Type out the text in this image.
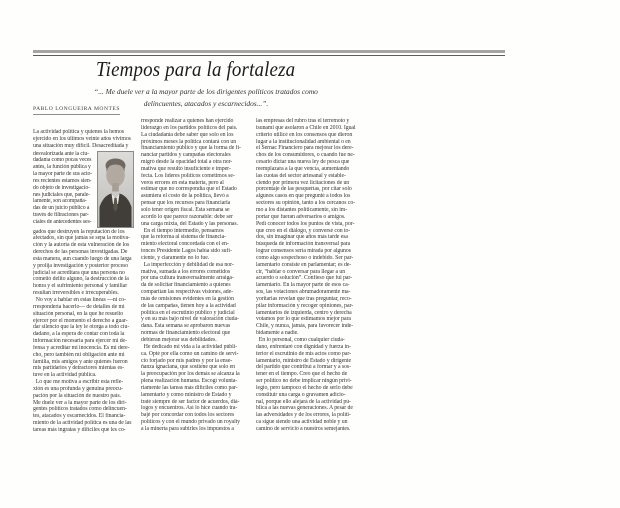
Tiempos para la fortaleza
“... Me duele ver a la mayor parte de los dirigentes políticos tratados como
delincuentes, atacados y escarnecidos...”.
PABLO LONGUEIRA MONTES
La actividad política y quienes la hemos
ejercido en los últimos veinte años vivimos
una situación muy difícil. Desacreditada y
desvalorizada ante la ciu-
dadanía como pocas veces
antes, la función pública y
la mayor parte de sus acto-
res recientes estamos sien-
do objeto de investigacio-
nes judiciales que, parale-
lamente, son acompaña-
das de un juicio público a
través de filtraciones par-
ciales de antecedentes ses-
gados que destruyen la reputación de los
afectados, sin que jamás se sepa la motiva-
ción y la autoría de esta vulneración de los
derechos de las personas investigadas. De
esta manera, aun cuando luego de una larga
y prolija investigación y posterior proceso
judicial se acreditara que una persona no
cometió delito alguno, la destrucción de la
honra y el sufrimiento personal y familiar
resultan irreversibles e irrecuperables.
No voy a hablar en estas líneas —ni co-
rrespondería hacerlo— de detalles de mi
situación personal, en la que he resuelto
ejercer por el momento el derecho a guar-
dar silencio que la ley le otorga a todo ciu-
dadano, a la espera de contar con toda la
información necesaria para ejercer mi de-
fensa y acreditar mi inocencia. Es mi dere-
cho, pero también mi obligación ante mi
familia, mis amigos y ante quienes fueron
mis partidarios y detractores mientas es-
tuve en la actividad pública.
Lo que me motiva a escribir esta refle-
xión es una profunda y genuina preocu-
pación por la situación de nuestro país.
Me duele ver a la mayor parte de los diri-
gentes políticos tratados como delincuen-
tes, atacados y escarnecidos. El financia-
miento de la actividad política es una de las
tareas más ingratas y difíciles que les co-
rresponde realizar a quienes han ejercido
liderazgo en los partidos políticos del país.
La ciudadanía debe saber que solo en los
próximos meses la política contará con un
financiamiento público y que la forma de fi-
nanciar partidos y campañas electorales
migró desde la opacidad total a otra nor-
mativa que resultó insuficiente e imper-
fecta. Los líderes políticos cometimos se-
veros errores en esta materia, pero al
estimar que no correspondía que el Estado
asumiera el costo de la política, llevó a
pensar que los recursos para financiarla
solo tener origen fiscal. Esta semana se
acordó lo que parece razonable: debe ser
una carga mixta, del Estado y las personas.
En el tiempo intermedio, pensamos
que la reforma al sistema de financia-
miento electoral concordada con el en-
tonces Presidente Lagos había sido sufi-
ciente, y claramente no lo fue.
La imperfección y debilidad de esa nor-
mativa, sumada a los errores cometidos
por una cultura transversalmente arraiga-
da de solicitar financiamiento a quienes
compartían las respectivas visiones, ade-
más de omisiones evidentes en la gestión
de las campañas, tienen hoy a la actividad
política en el escrutinio público y judicial
y en su más bajo nivel de valoración ciuda-
dana. Esta semana se aprobaron nuevas
normas de financiamiento electoral que
debieran mejorar sus debilidades.
He dedicado mi vida a la actividad públi-
ca. Opté por ella como un camino de servi-
cio forjado por mis padres y por la ense-
ñanza ignaciana, que sostiene que solo en
la preocupación por los demás se alcanza la
plena realización humana. Escogí volunta-
riamente las tareas más difíciles como par-
lamentario y como ministro de Estado y
traté siempre de ser factor de acuerdos, diá-
logos y encuentros. Así lo hice cuando tra-
bajé por concordar con todos los sectores
políticos y con el mundo privado un royalty
a la minería para subirles los impuestos a
las empresas del rubro tras el terremoto y
tsunami que asolaron a Chile en 2010. Igual
criterio utilicé en los consensos que dieron
lugar a la institucionalidad ambiental o en
el Sernac Financiero para mejorar los dere-
chos de los consumidores, o cuando fue ne-
cesario dictar una nueva ley de pesca que
reemplazara a la que vencía, aumentando
las cuotas del sector artesanal y estable-
ciendo por primera vez licitaciones de un
porcentaje de las pesquerías, por citar solo
algunos casos en que pregunté a todos los
sectores su opinión, tanto a los cercanos co-
mo a los distantes políticamente, sin im-
portar que fueran adversarios o amigos.
Pedí conocer todos los puntos de vista, por-
que creo en el diálogo, y conversé con to-
dos, sin imaginar que años más tarde esa
búsqueda de información transversal para
lograr consensos sería mirada por algunos
como algo sospechoso o indebido. Ser par-
lamentario consiste en parlamentar; es de-
cir, “hablar o conversar para llegar a un
acuerdo o solución”. Confieso que fui par-
lamentario. En la mayor parte de esos ca-
sos, las votaciones abrumadoramente ma-
yoritarias revelan que tras preguntar, reco-
pilar información y recoger opiniones, par-
lamentarios de izquierda, centro y derecha
votamos por lo que estimamos mejor para
Chile, y nunca, jamás, para favorecer inde-
bidamente a nadie.
En lo personal, como cualquier ciuda-
dano, enfrentaré con dignidad y fuerza in-
terior el escrutinio de mis actos como par-
lamentario, ministro de Estado y dirigente
del partido que contribuí a formar y a sos-
tener en el tiempo. Creo que el hecho de
ser político no debe implicar ningún privi-
legio, pero tampoco el hecho de serlo debe
constituir una carga o gravamen adicio-
nal, porque ello alejará de la actividad pú-
blica a las nuevas generaciones. A pesar de
las adversidades y de los errores, la políti-
ca sigue siendo una actividad noble y un
camino de servicio a nuestros semejantes.
